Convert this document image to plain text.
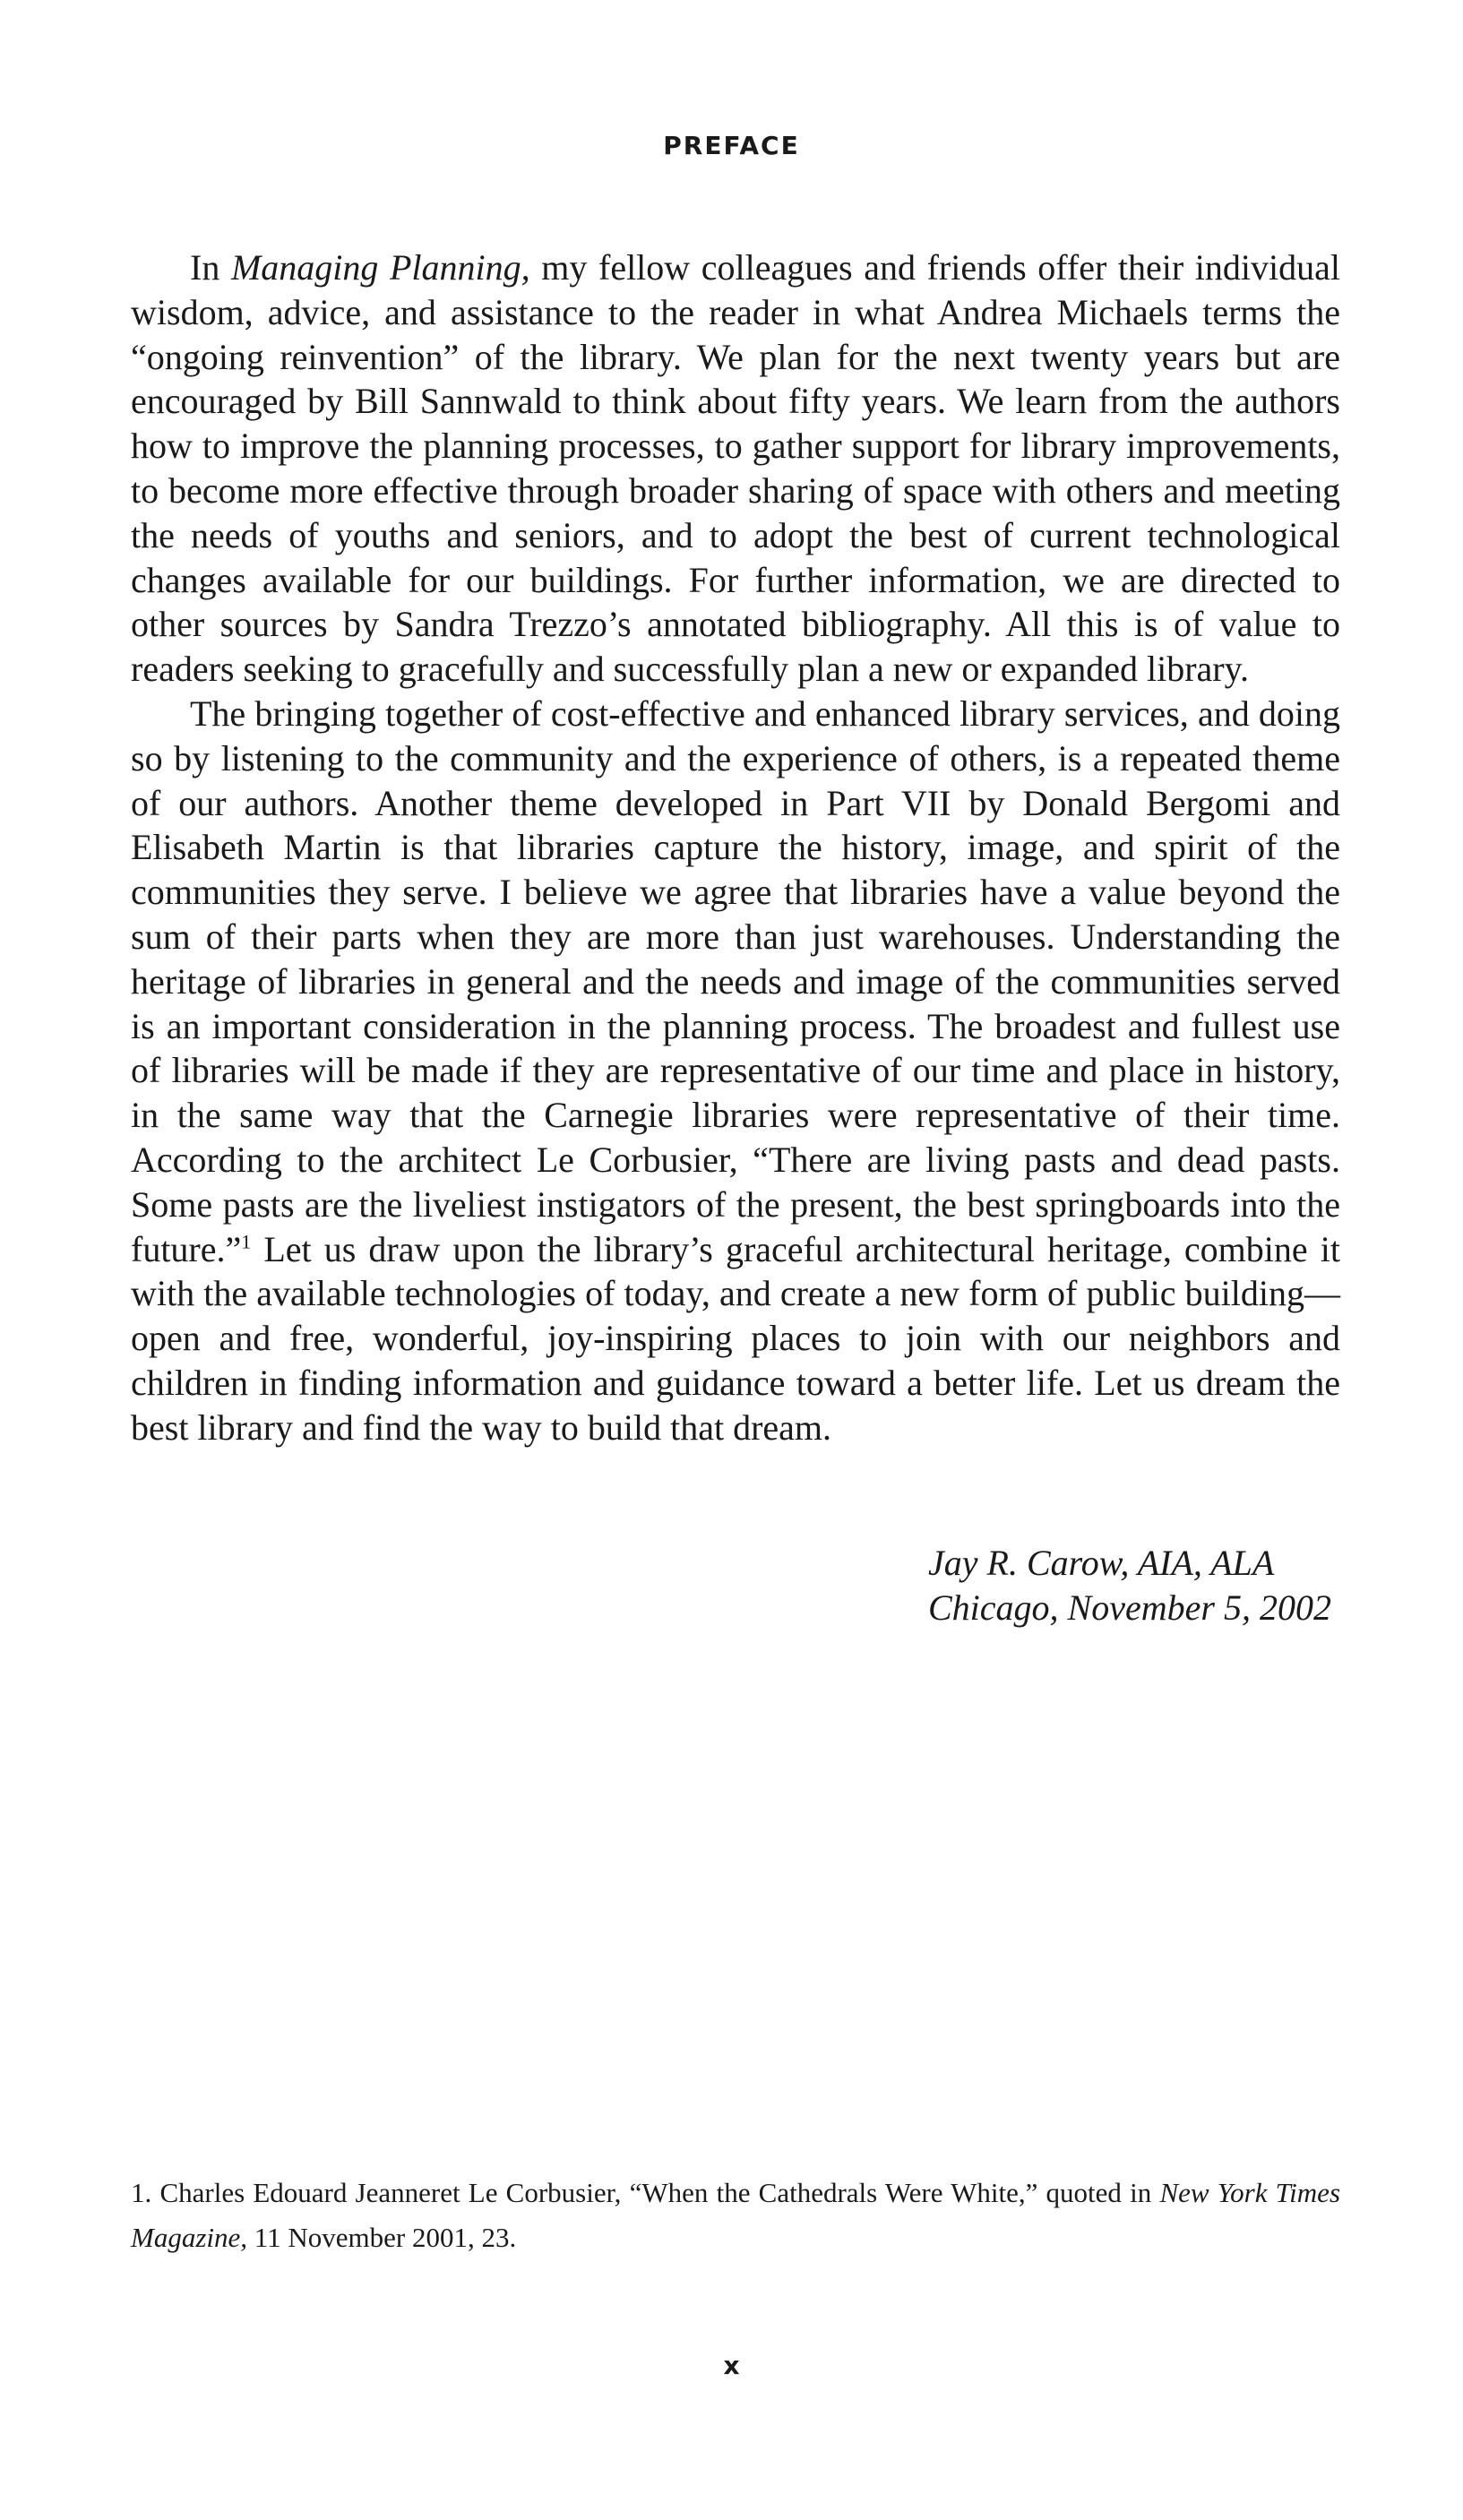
PREFACE

In Managing Planning, my fellow colleagues and friends offer their individual wisdom, advice, and assistance to the reader in what Andrea Michaels terms the “ongoing reinvention” of the library. We plan for the next twenty years but are encouraged by Bill Sannwald to think about fifty years. We learn from the authors how to improve the planning processes, to gather support for library improvements, to become more effective through broader sharing of space with others and meeting the needs of youths and seniors, and to adopt the best of current technological changes available for our buildings. For further information, we are directed to other sources by Sandra Trezzo’s annotated bibliography. All this is of value to readers seeking to gracefully and successfully plan a new or expanded library.

The bringing together of cost-effective and enhanced library services, and doing so by listening to the community and the experience of others, is a repeated theme of our authors. Another theme developed in Part VII by Donald Bergomi and Elisabeth Martin is that libraries capture the history, image, and spirit of the communities they serve. I believe we agree that libraries have a value beyond the sum of their parts when they are more than just warehouses. Understanding the heritage of libraries in general and the needs and image of the communities served is an important consideration in the planning process. The broadest and fullest use of libraries will be made if they are representative of our time and place in history, in the same way that the Carnegie libraries were representative of their time. According to the architect Le Corbusier, “There are living pasts and dead pasts. Some pasts are the liveliest instigators of the present, the best springboards into the future.”$^1$ Let us draw upon the library’s graceful architectural heritage, combine it with the available technologies of today, and create a new form of public building—open and free, wonderful, joy-inspiring places to join with our neighbors and children in finding information and guidance toward a better life. Let us dream the best library and find the way to build that dream.

Jay R. Carow, AIA, ALA
Chicago, November 5, 2002
1. Charles Edouard Jeanneret Le Corbusier, “When the Cathedrals Were White,” quoted in New York Times Magazine, 11 November 2001, 23.
x
